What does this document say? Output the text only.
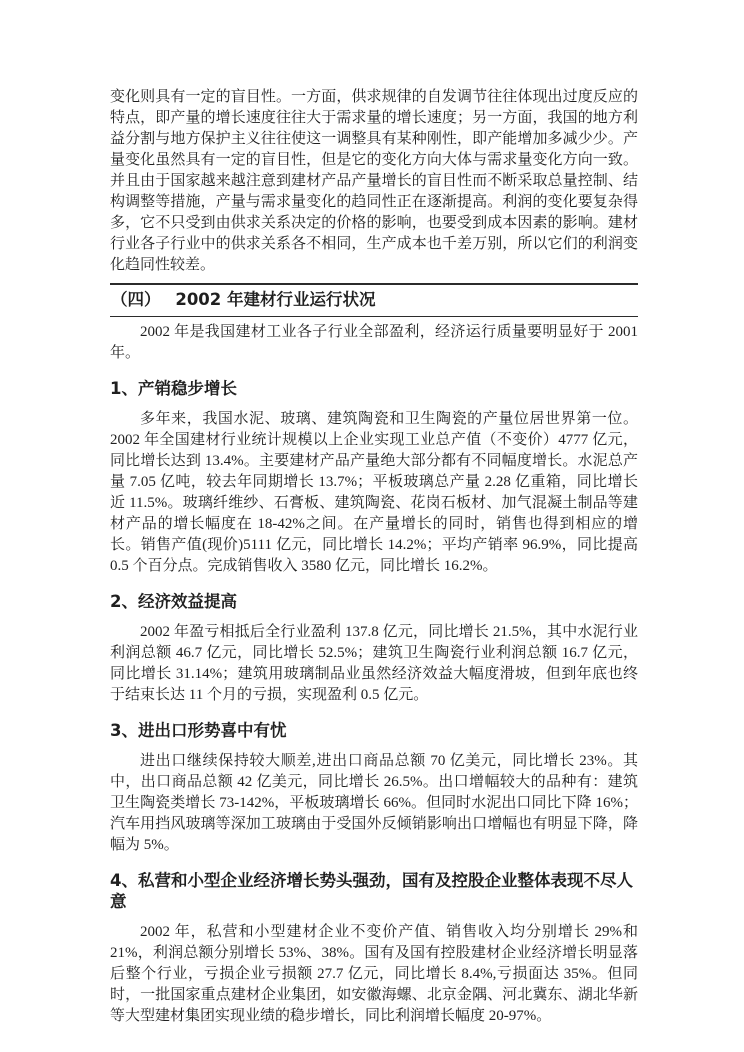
变化则具有一定的盲目性。一方面，供求规律的自发调节往往体现出过度反应的特点，即产量的增长速度往往大于需求量的增长速度；另一方面，我国的地方利益分割与地方保护主义往往使这一调整具有某种刚性，即产能增加多减少少。产量变化虽然具有一定的盲目性，但是它的变化方向大体与需求量变化方向一致。并且由于国家越来越注意到建材产品产量增长的盲目性而不断采取总量控制、结构调整等措施，产量与需求量变化的趋同性正在逐渐提高。利润的变化要复杂得多，它不只受到由供求关系决定的价格的影响，也要受到成本因素的影响。建材行业各子行业中的供求关系各不相同，生产成本也千差万别，所以它们的利润变化趋同性较差。

（四） 2002 年建材行业运行状况

2002 年是我国建材工业各子行业全部盈利，经济运行质量要明显好于 2001 年。

1、产销稳步增长

多年来，我国水泥、玻璃、建筑陶瓷和卫生陶瓷的产量位居世界第一位。2002 年全国建材行业统计规模以上企业实现工业总产值（不变价）4777 亿元，同比增长达到 13.4%。主要建材产品产量绝大部分都有不同幅度增长。水泥总产量 7.05 亿吨，较去年同期增长 13.7%；平板玻璃总产量 2.28 亿重箱，同比增长近 11.5%。玻璃纤维纱、石膏板、建筑陶瓷、花岗石板材、加气混凝土制品等建材产品的增长幅度在 18-42%之间。在产量增长的同时，销售也得到相应的增长。销售产值(现价)5111 亿元，同比增长 14.2%；平均产销率 96.9%，同比提高 0.5 个百分点。完成销售收入 3580 亿元，同比增长 16.2%。

2、经济效益提高

2002 年盈亏相抵后全行业盈利 137.8 亿元，同比增长 21.5%，其中水泥行业利润总额 46.7 亿元，同比增长 52.5%；建筑卫生陶瓷行业利润总额 16.7 亿元，同比增长 31.14%；建筑用玻璃制品业虽然经济效益大幅度滑坡，但到年底也终于结束长达 11 个月的亏损，实现盈利 0.5 亿元。

3、进出口形势喜中有忧

进出口继续保持较大顺差,进出口商品总额 70 亿美元，同比增长 23%。其中，出口商品总额 42 亿美元，同比增长 26.5%。出口增幅较大的品种有：建筑卫生陶瓷类增长 73-142%，平板玻璃增长 66%。但同时水泥出口同比下降 16%；汽车用挡风玻璃等深加工玻璃由于受国外反倾销影响出口增幅也有明显下降，降幅为 5%。

4、私营和小型企业经济增长势头强劲，国有及控股企业整体表现不尽人意

2002 年，私营和小型建材企业不变价产值、销售收入均分别增长 29%和 21%，利润总额分别增长 53%、38%。国有及国有控股建材企业经济增长明显落后整个行业，亏损企业亏损额 27.7 亿元，同比增长 8.4%,亏损面达 35%。但同时，一批国家重点建材企业集团，如安徽海螺、北京金隅、河北冀东、湖北华新等大型建材集团实现业绩的稳步增长，同比利润增长幅度 20-97%。
